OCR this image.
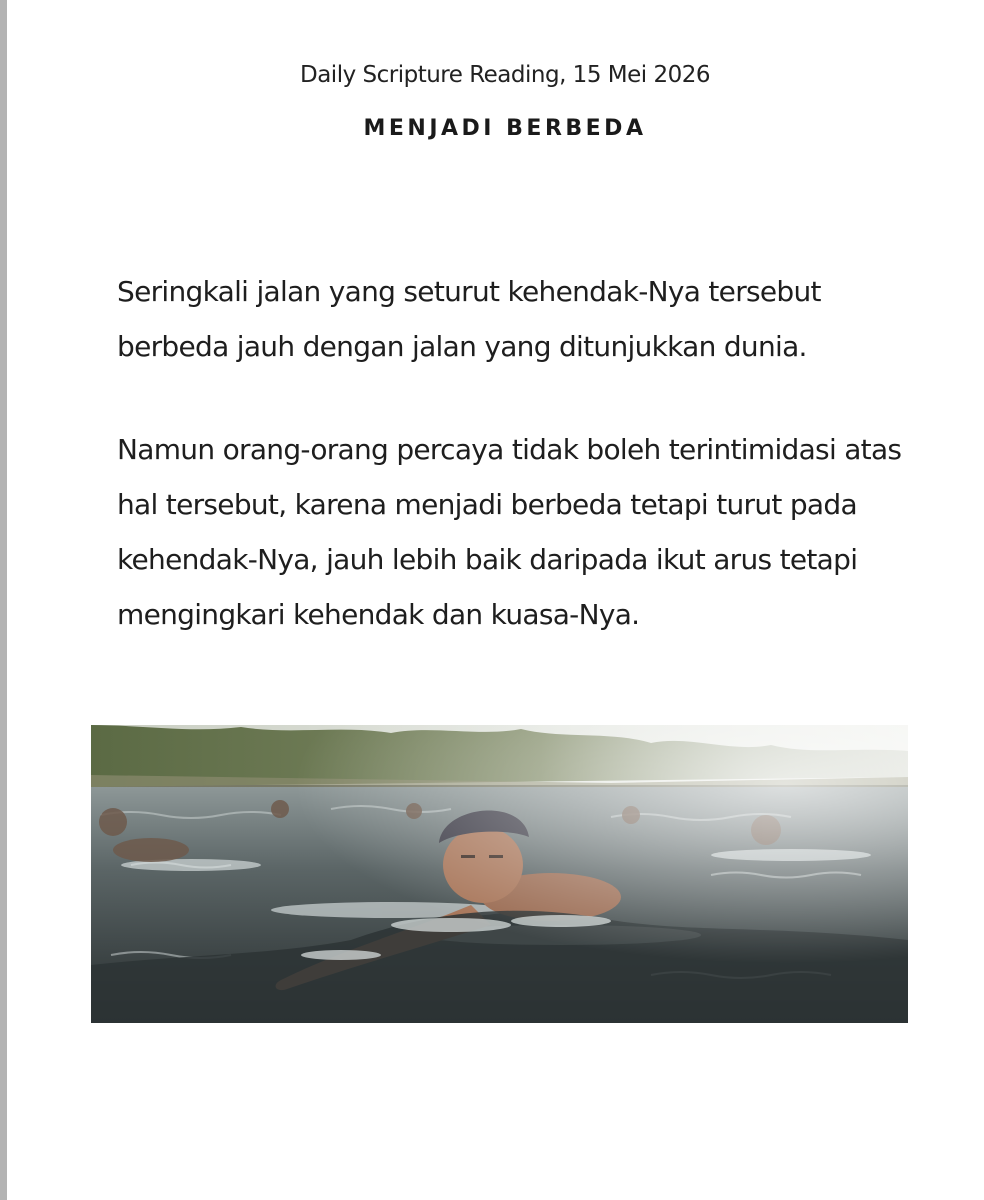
Daily Scripture Reading, 15 Mei 2026
MENJADI BERBEDA

Seringkali jalan yang seturut kehendak-Nya tersebut berbeda jauh dengan jalan yang ditunjukkan dunia.

Namun orang-orang percaya tidak boleh terintimidasi atas hal tersebut, karena menjadi berbeda tetapi turut pada kehendak-Nya, jauh lebih baik daripada ikut arus tetapi mengingkari kehendak dan kuasa-Nya.
